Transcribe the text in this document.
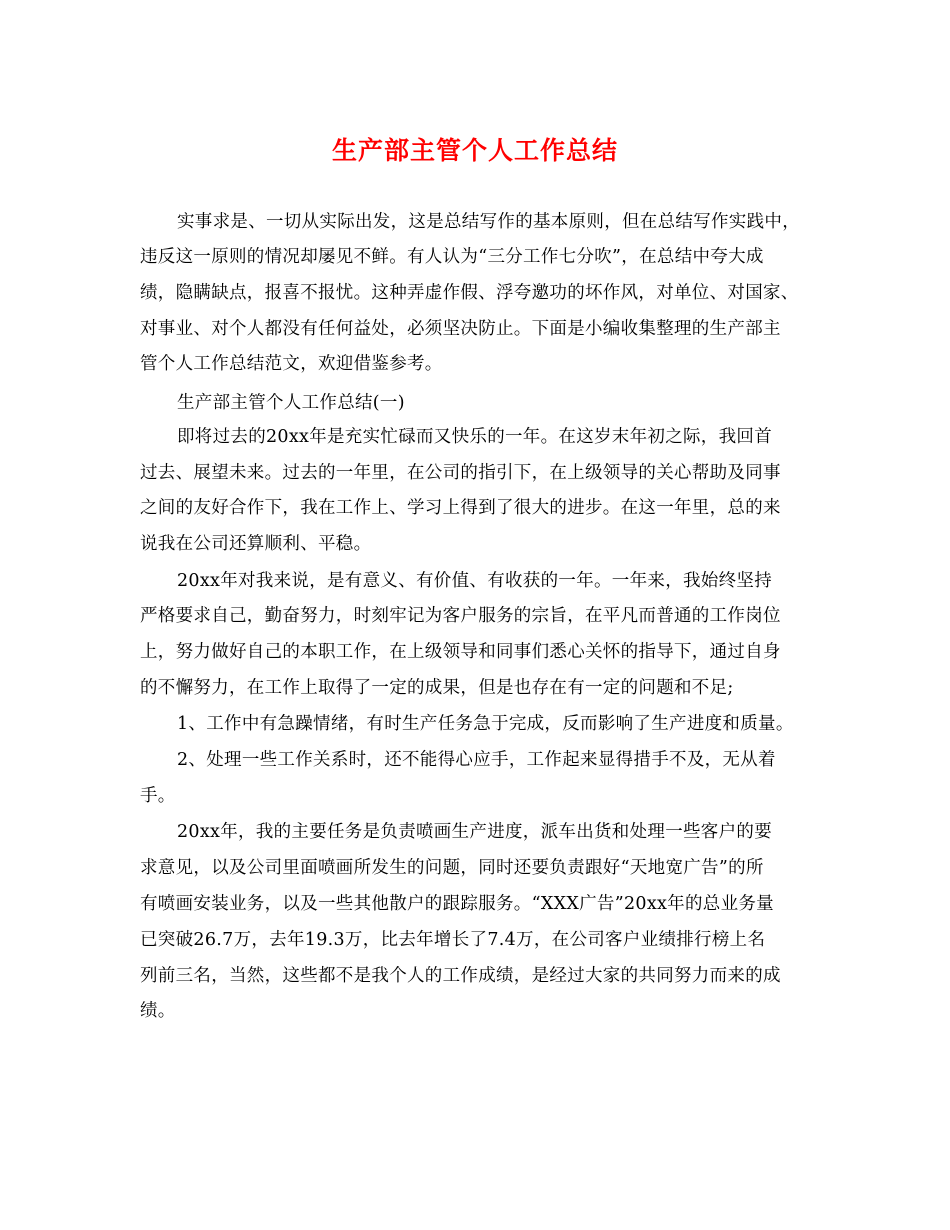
生产部主管个人工作总结
实事求是、一切从实际出发，这是总结写作的基本原则，但在总结写作实践中，
违反这一原则的情况却屡见不鲜。有人认为“三分工作七分吹”，在总结中夸大成
绩，隐瞒缺点，报喜不报忧。这种弄虚作假、浮夸邀功的坏作风，对单位、对国家、
对事业、对个人都没有任何益处，必须坚决防止。下面是小编收集整理的生产部主
管个人工作总结范文，欢迎借鉴参考。
生产部主管个人工作总结(一)
即将过去的20xx年是充实忙碌而又快乐的一年。在这岁末年初之际，我回首
过去、展望未来。过去的一年里，在公司的指引下，在上级领导的关心帮助及同事
之间的友好合作下，我在工作上、学习上得到了很大的进步。在这一年里，总的来
说我在公司还算顺利、平稳。
20xx年对我来说，是有意义、有价值、有收获的一年。一年来，我始终坚持
严格要求自己，勤奋努力，时刻牢记为客户服务的宗旨，在平凡而普通的工作岗位
上，努力做好自己的本职工作，在上级领导和同事们悉心关怀的指导下，通过自身
的不懈努力，在工作上取得了一定的成果，但是也存在有一定的问题和不足;
1、工作中有急躁情绪，有时生产任务急于完成，反而影响了生产进度和质量。
2、处理一些工作关系时，还不能得心应手，工作起来显得措手不及，无从着
手。
20xx年，我的主要任务是负责喷画生产进度，派车出货和处理一些客户的要
求意见，以及公司里面喷画所发生的问题，同时还要负责跟好“天地宽广告”的所
有喷画安装业务，以及一些其他散户的跟踪服务。“XXX广告”20xx年的总业务量
已突破26.7万，去年19.3万，比去年增长了7.4万，在公司客户业绩排行榜上名
列前三名，当然，这些都不是我个人的工作成绩，是经过大家的共同努力而来的成
绩。
